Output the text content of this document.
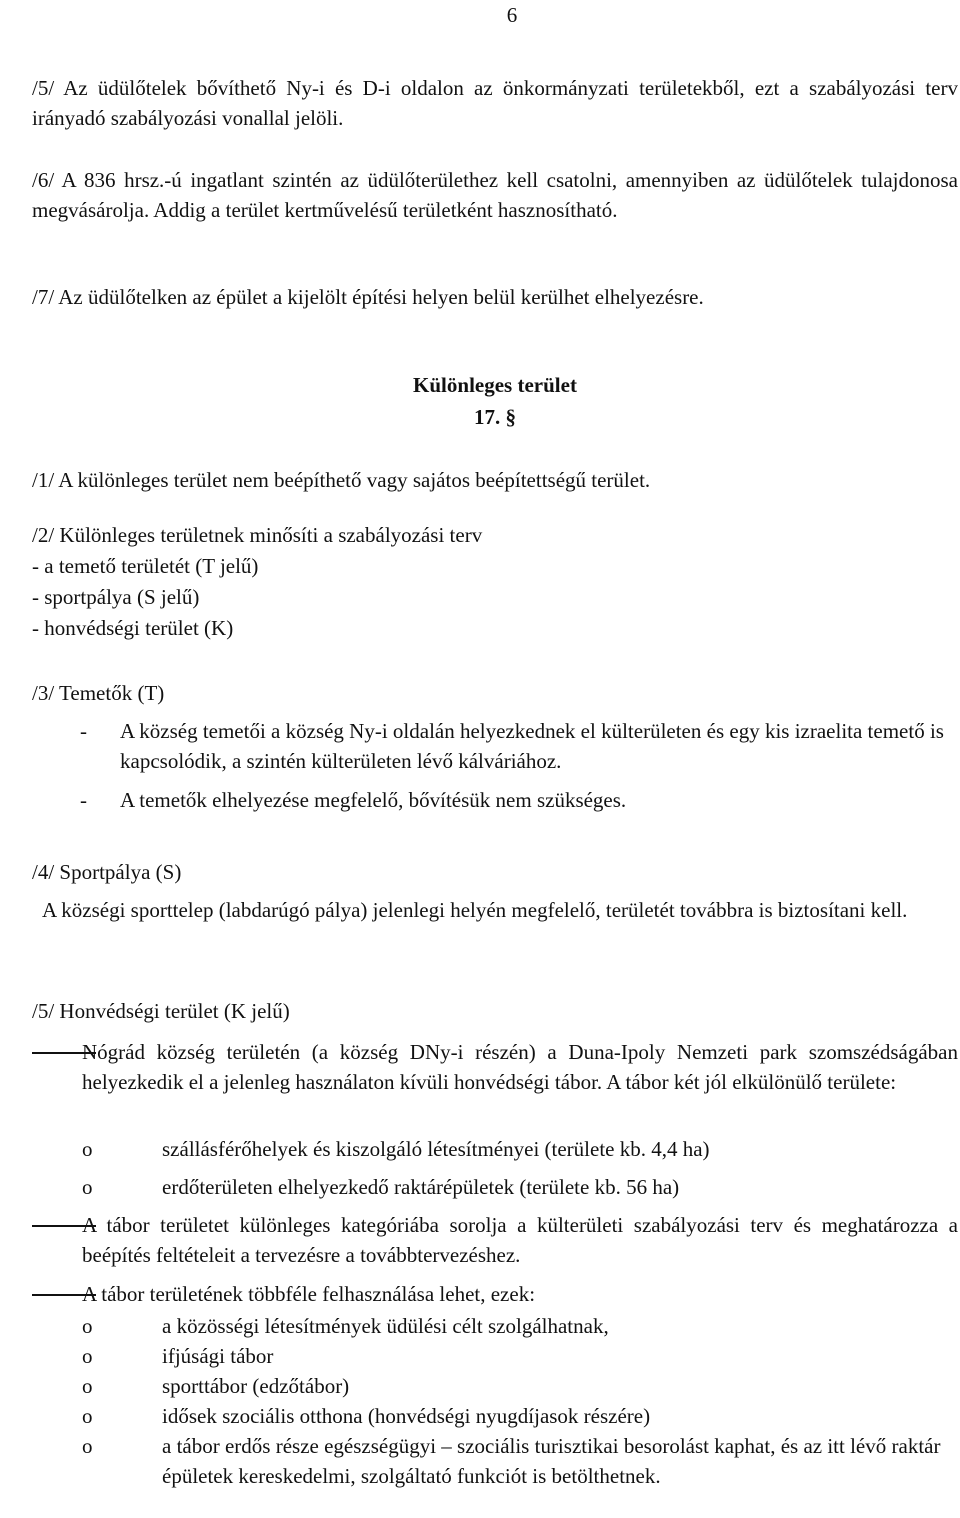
6
/5/ Az üdülőtelek bővíthető Ny-i és D-i oldalon az önkormányzati területekből, ezt a szabályozási terv irányadó szabályozási vonallal jelöli.
/6/ A 836 hrsz.-ú ingatlant szintén az üdülőterülethez kell csatolni, amennyiben az üdülőtelek tulajdonosa megvásárolja. Addig a terület kertművelésű területként hasznosítható.
/7/ Az üdülőtelken az épület a kijelölt építési helyen belül kerülhet elhelyezésre.
Különleges terület
17. §
/1/ A különleges terület nem beépíthető vagy sajátos beépítettségű terület.
/2/ Különleges területnek minősíti a szabályozási terv
- a temető területét (T jelű)
- sportpálya (S jelű)
- honvédségi terület (K)
/3/ Temetők (T)
-	A község temetői a község Ny-i oldalán helyezkednek el külterületen és egy kis izraelita temető is kapcsolódik, a szintén külterületen lévő kálváriához.
-	A temetők elhelyezése megfelelő, bővítésük nem szükséges.
/4/ Sportpálya (S)
A községi sporttelep (labdarúgó pálya) jelenlegi helyén megfelelő, területét továbbra is biztosítani kell.
/5/ Honvédségi terület (K jelű)
Nógrád község területén (a község DNy-i részén) a Duna-Ipoly Nemzeti park szomszédságában helyezkedik el a jelenleg használaton kívüli honvédségi tábor. A tábor két jól elkülönülő területe:
o	szállásférőhelyek és kiszolgáló létesítményei (területe kb. 4,4 ha)
o	erdőterületen elhelyezkedő raktárépületek (területe kb. 56 ha)
A tábor területet különleges kategóriába sorolja a külterületi szabályozási terv és meghatározza a beépítés feltételeit a tervezésre a továbbtervezéshez.
A tábor területének többféle felhasználása lehet, ezek:
o	a közösségi létesítmények üdülési célt szolgálhatnak,
o	ifjúsági tábor
o	sporttábor (edzőtábor)
o	idősek szociális otthona (honvédségi nyugdíjasok részére)
o	a tábor erdős része egészségügyi – szociális turisztikai besorolást kaphat, és az itt lévő raktár épületek kereskedelmi, szolgáltató funkciót is betölthetnek.
